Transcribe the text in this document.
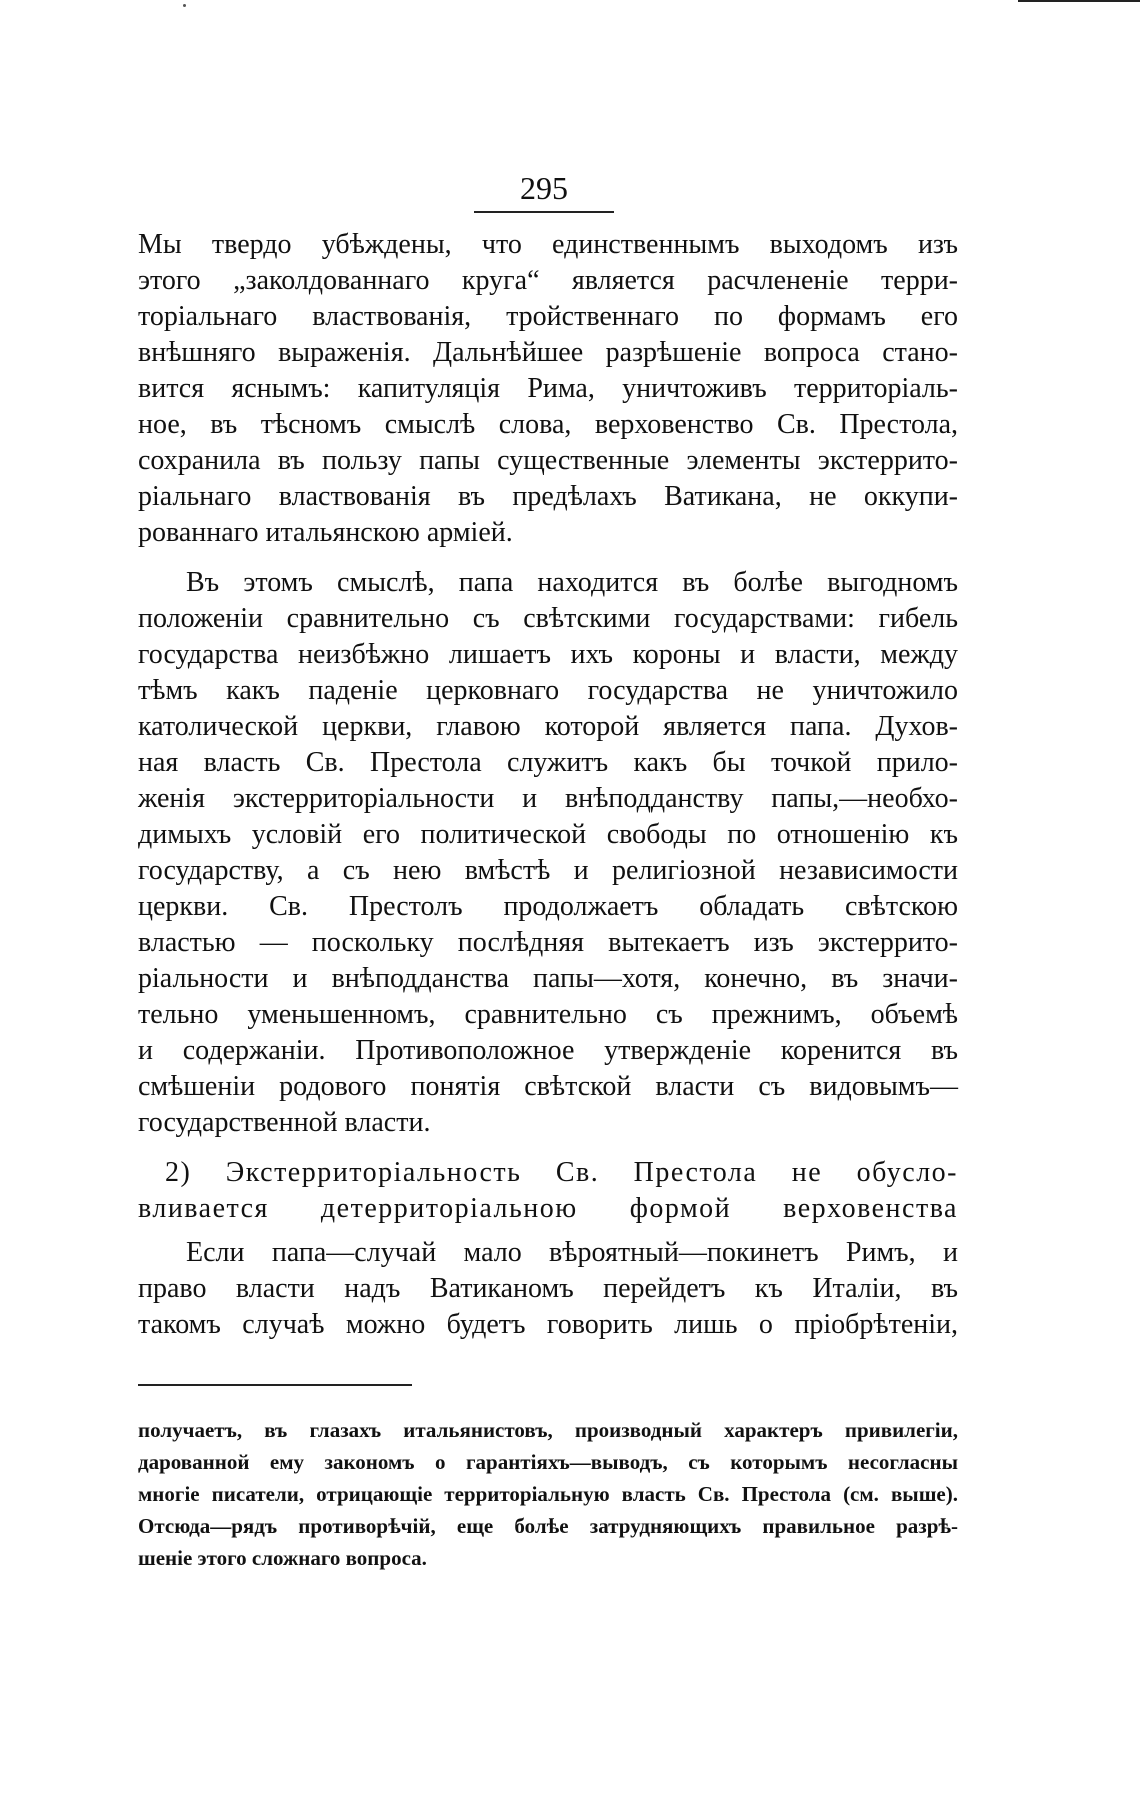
295
Мы твердо убѣждены, что единственнымъ выходомъ изъ
этого „заколдованнаго круга“ является расчлененіе терри-
торіальнаго властвованія, тройственнаго по формамъ его
внѣшняго выраженія. Дальнѣйшее разрѣшеніе вопроса стано-
вится яснымъ: капитуляція Рима, уничтоживъ территоріаль-
ное, въ тѣсномъ смыслѣ слова, верховенство Св. Престола,
сохранила въ пользу папы существенные элементы экстеррито-
ріальнаго властвованія въ предѣлахъ Ватикана, не оккупи-
рованнаго итальянскою арміей.
Въ этомъ смыслѣ, папа находится въ болѣе выгодномъ
положеніи сравнительно съ свѣтскими государствами: гибель
государства неизбѣжно лишаетъ ихъ короны и власти, между
тѣмъ какъ паденіе церковнаго государства не уничтожило
католической церкви, главою которой является папа. Духов-
ная власть Св. Престола служитъ какъ бы точкой прило-
женія экстерриторіальности и внѣподданству папы,—необхо-
димыхъ условій его политической свободы по отношенію къ
государству, а съ нею вмѣстѣ и религіозной независимости
церкви. Св. Престолъ продолжаетъ обладать свѣтскою
властью — поскольку послѣдняя вытекаетъ изъ экстеррито-
ріальности и внѣподданства папы—хотя, конечно, въ значи-
тельно уменьшенномъ, сравнительно съ прежнимъ, объемѣ
и содержаніи. Противоположное утвержденіе коренится въ
смѣшеніи родового понятія свѣтской власти съ видовымъ—
государственной власти.
2) Экстерриторіальность Св. Престола не обусло-
вливается детерриторіальною формой верховенства
Если папа—случай мало вѣроятный—покинетъ Римъ, и
право власти надъ Ватиканомъ перейдетъ къ Италіи, въ
такомъ случаѣ можно будетъ говорить лишь о пріобрѣтеніи,
получаетъ, въ глазахъ итальянистовъ, производный характеръ привилегіи,
дарованной ему закономъ о гарантіяхъ—выводъ, съ которымъ несогласны
многіе писатели, отрицающіе территоріальную власть Св. Престола (см. выше).
Отсюда—рядъ противорѣчій, еще болѣе затрудняющихъ правильное разрѣ-
шеніе этого сложнаго вопроса.
